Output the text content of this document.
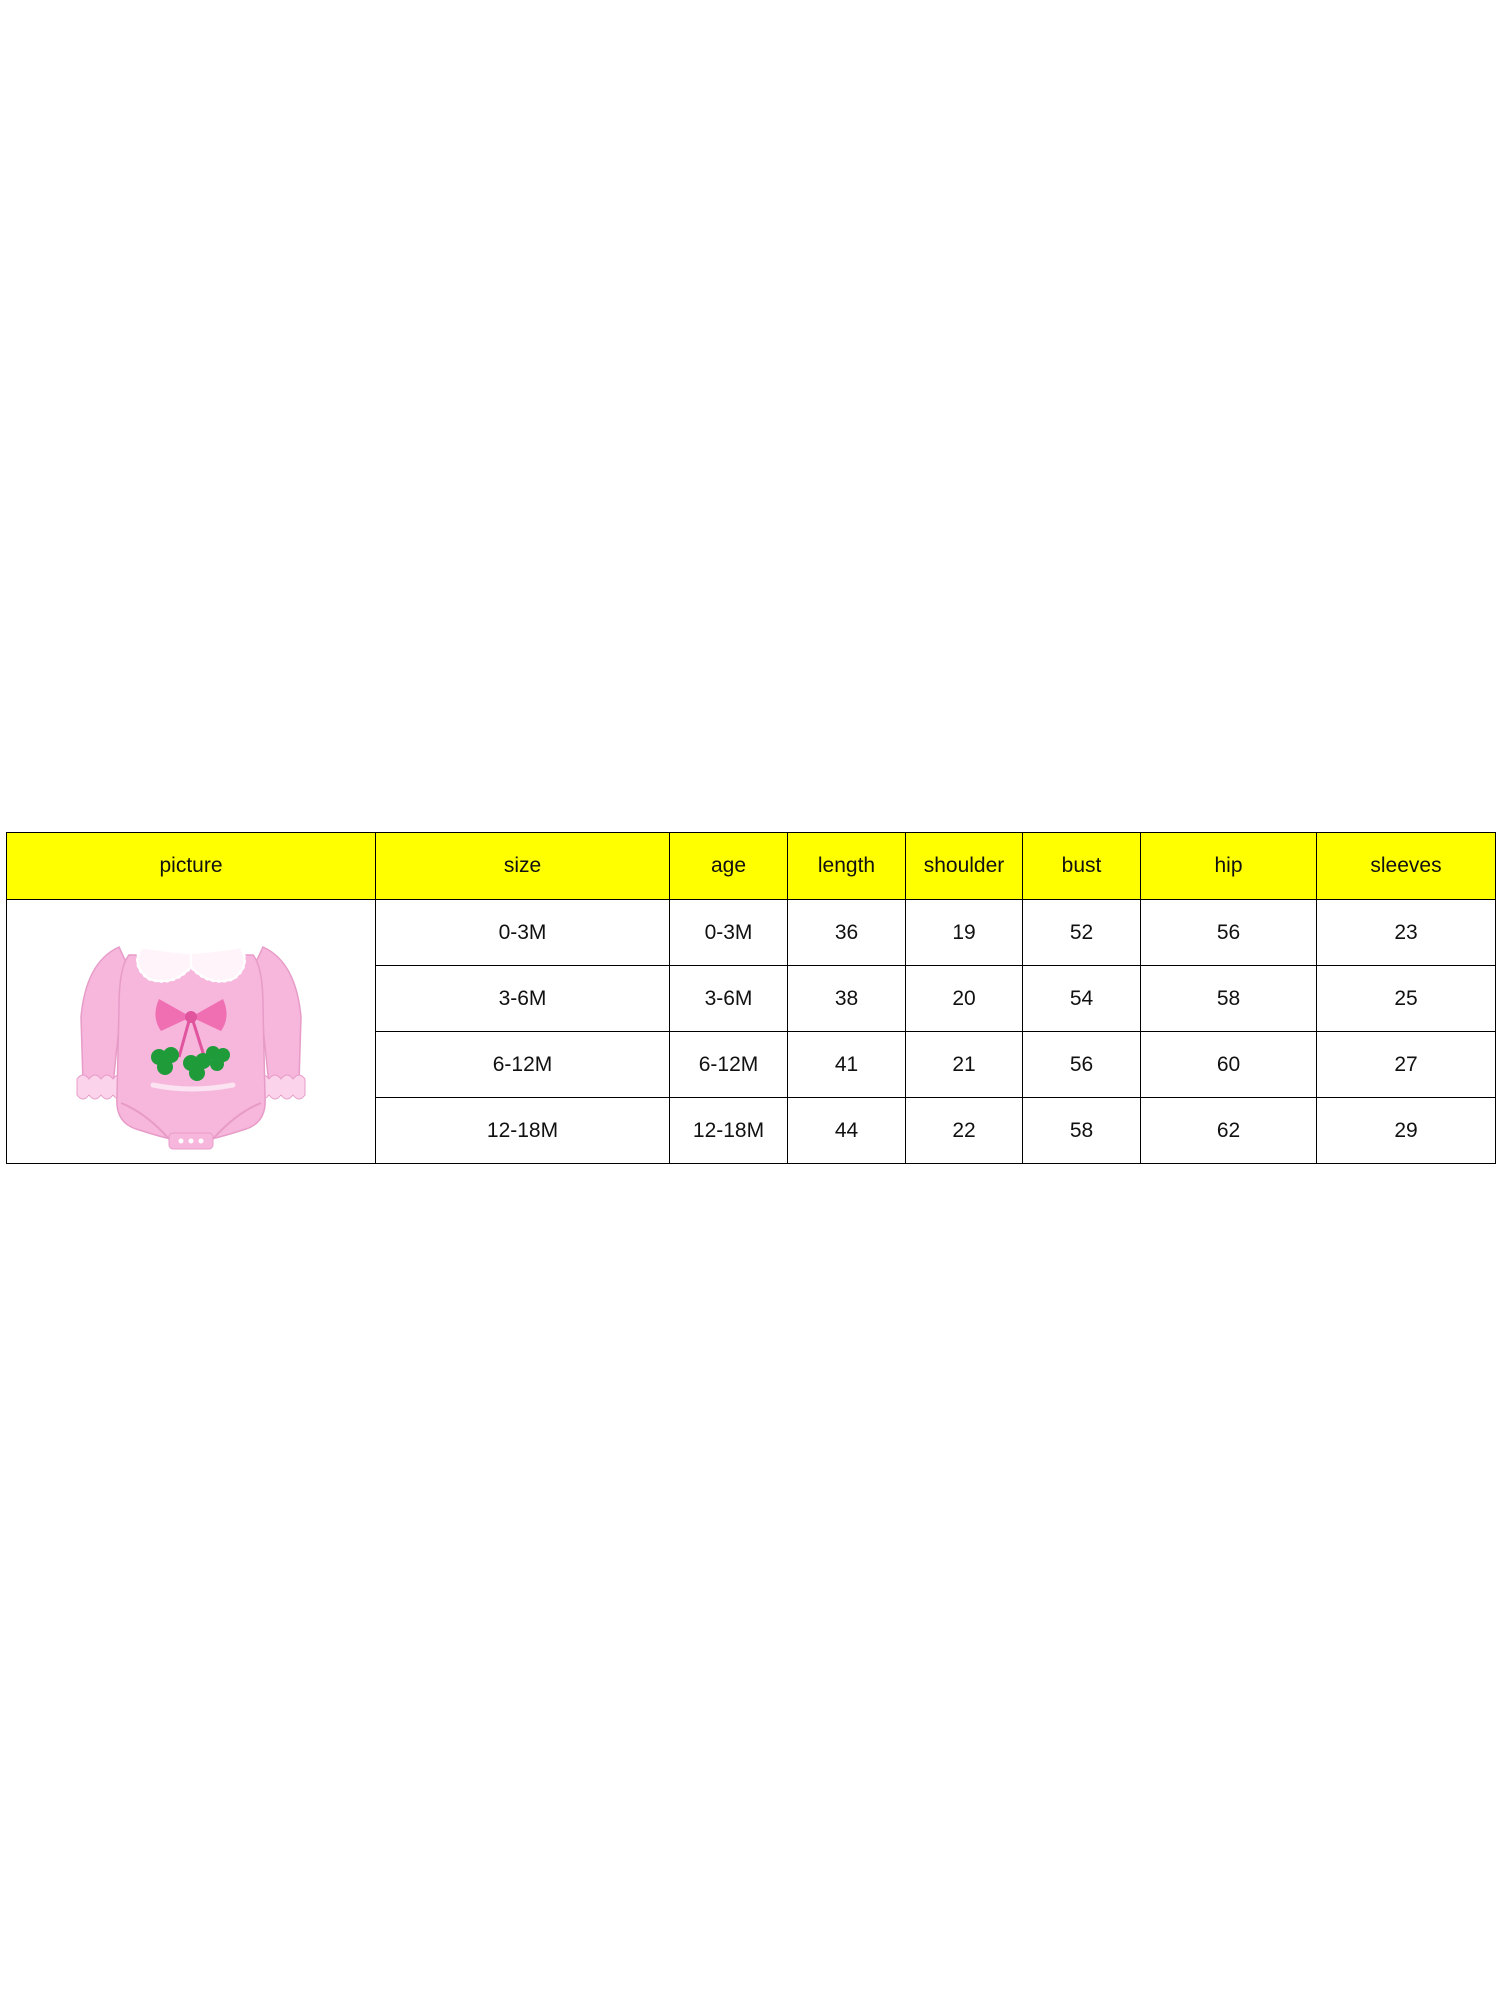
picture	size	age	length	shoulder	bust	hip	sleeves

	0-3M	0-3M	36	19	52	56	23
	3-6M	3-6M	38	20	54	58	25
	6-12M	6-12M	41	21	56	60	27
	12-18M	12-18M	44	22	58	62	29
